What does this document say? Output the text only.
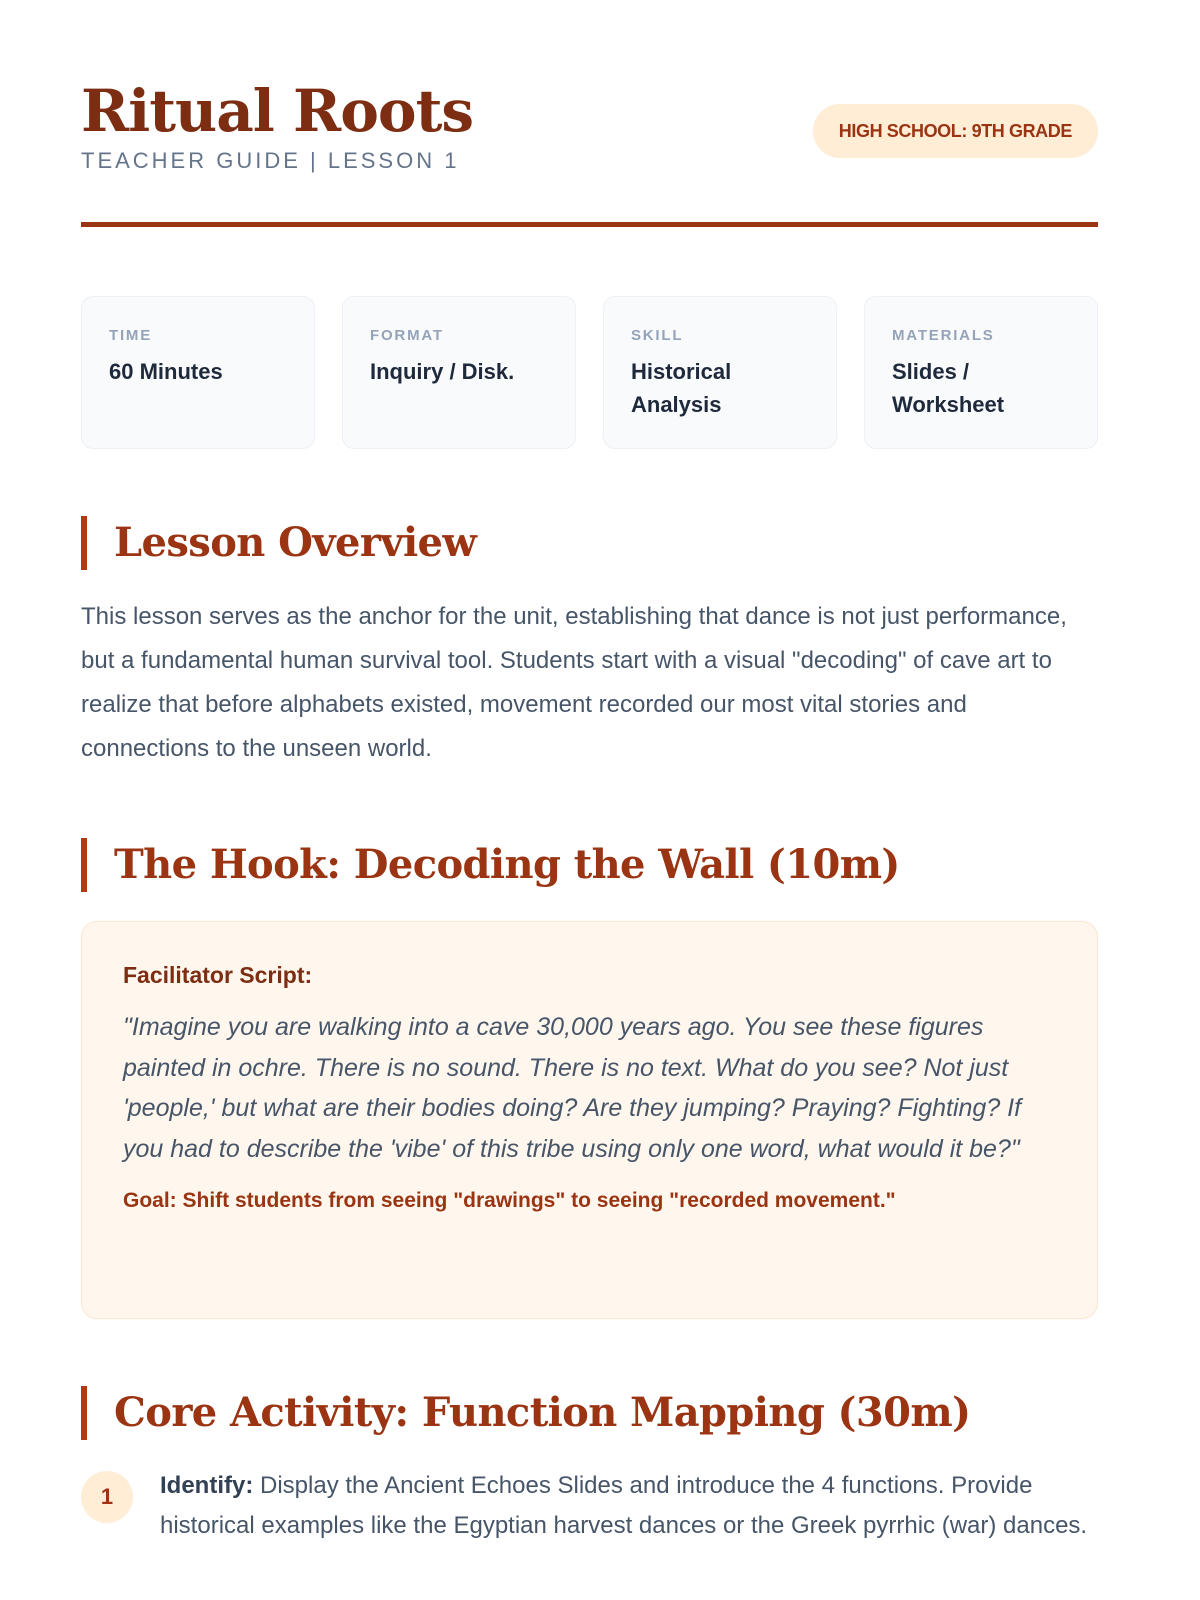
Ritual Roots
TEACHER GUIDE | LESSON 1
HIGH SCHOOL: 9TH GRADE
TIME
60 Minutes
FORMAT
Inquiry / Disk.
SKILL
Historical Analysis
MATERIALS
Slides / Worksheet
Lesson Overview

This lesson serves as the anchor for the unit, establishing that dance is not just performance, but a fundamental human survival tool. Students start with a visual "decoding" of cave art to realize that before alphabets existed, movement recorded our most vital stories and connections to the unseen world.

The Hook: Decoding the Wall (10m)
Facilitator Script:

"Imagine you are walking into a cave 30,000 years ago. You see these figures painted in ochre. There is no sound. There is no text. What do you see? Not just 'people,' but what are their bodies doing? Are they jumping? Praying? Fighting? If you had to describe the 'vibe' of this tribe using only one word, what would it be?"

Goal: Shift students from seeing "drawings" to seeing "recorded movement."
Core Activity: Function Mapping (30m)
1	Identify: Display the Ancient Echoes Slides and introduce the 4 functions. Provide historical examples like the Egyptian harvest dances or the Greek pyrrhic (war) dances.
